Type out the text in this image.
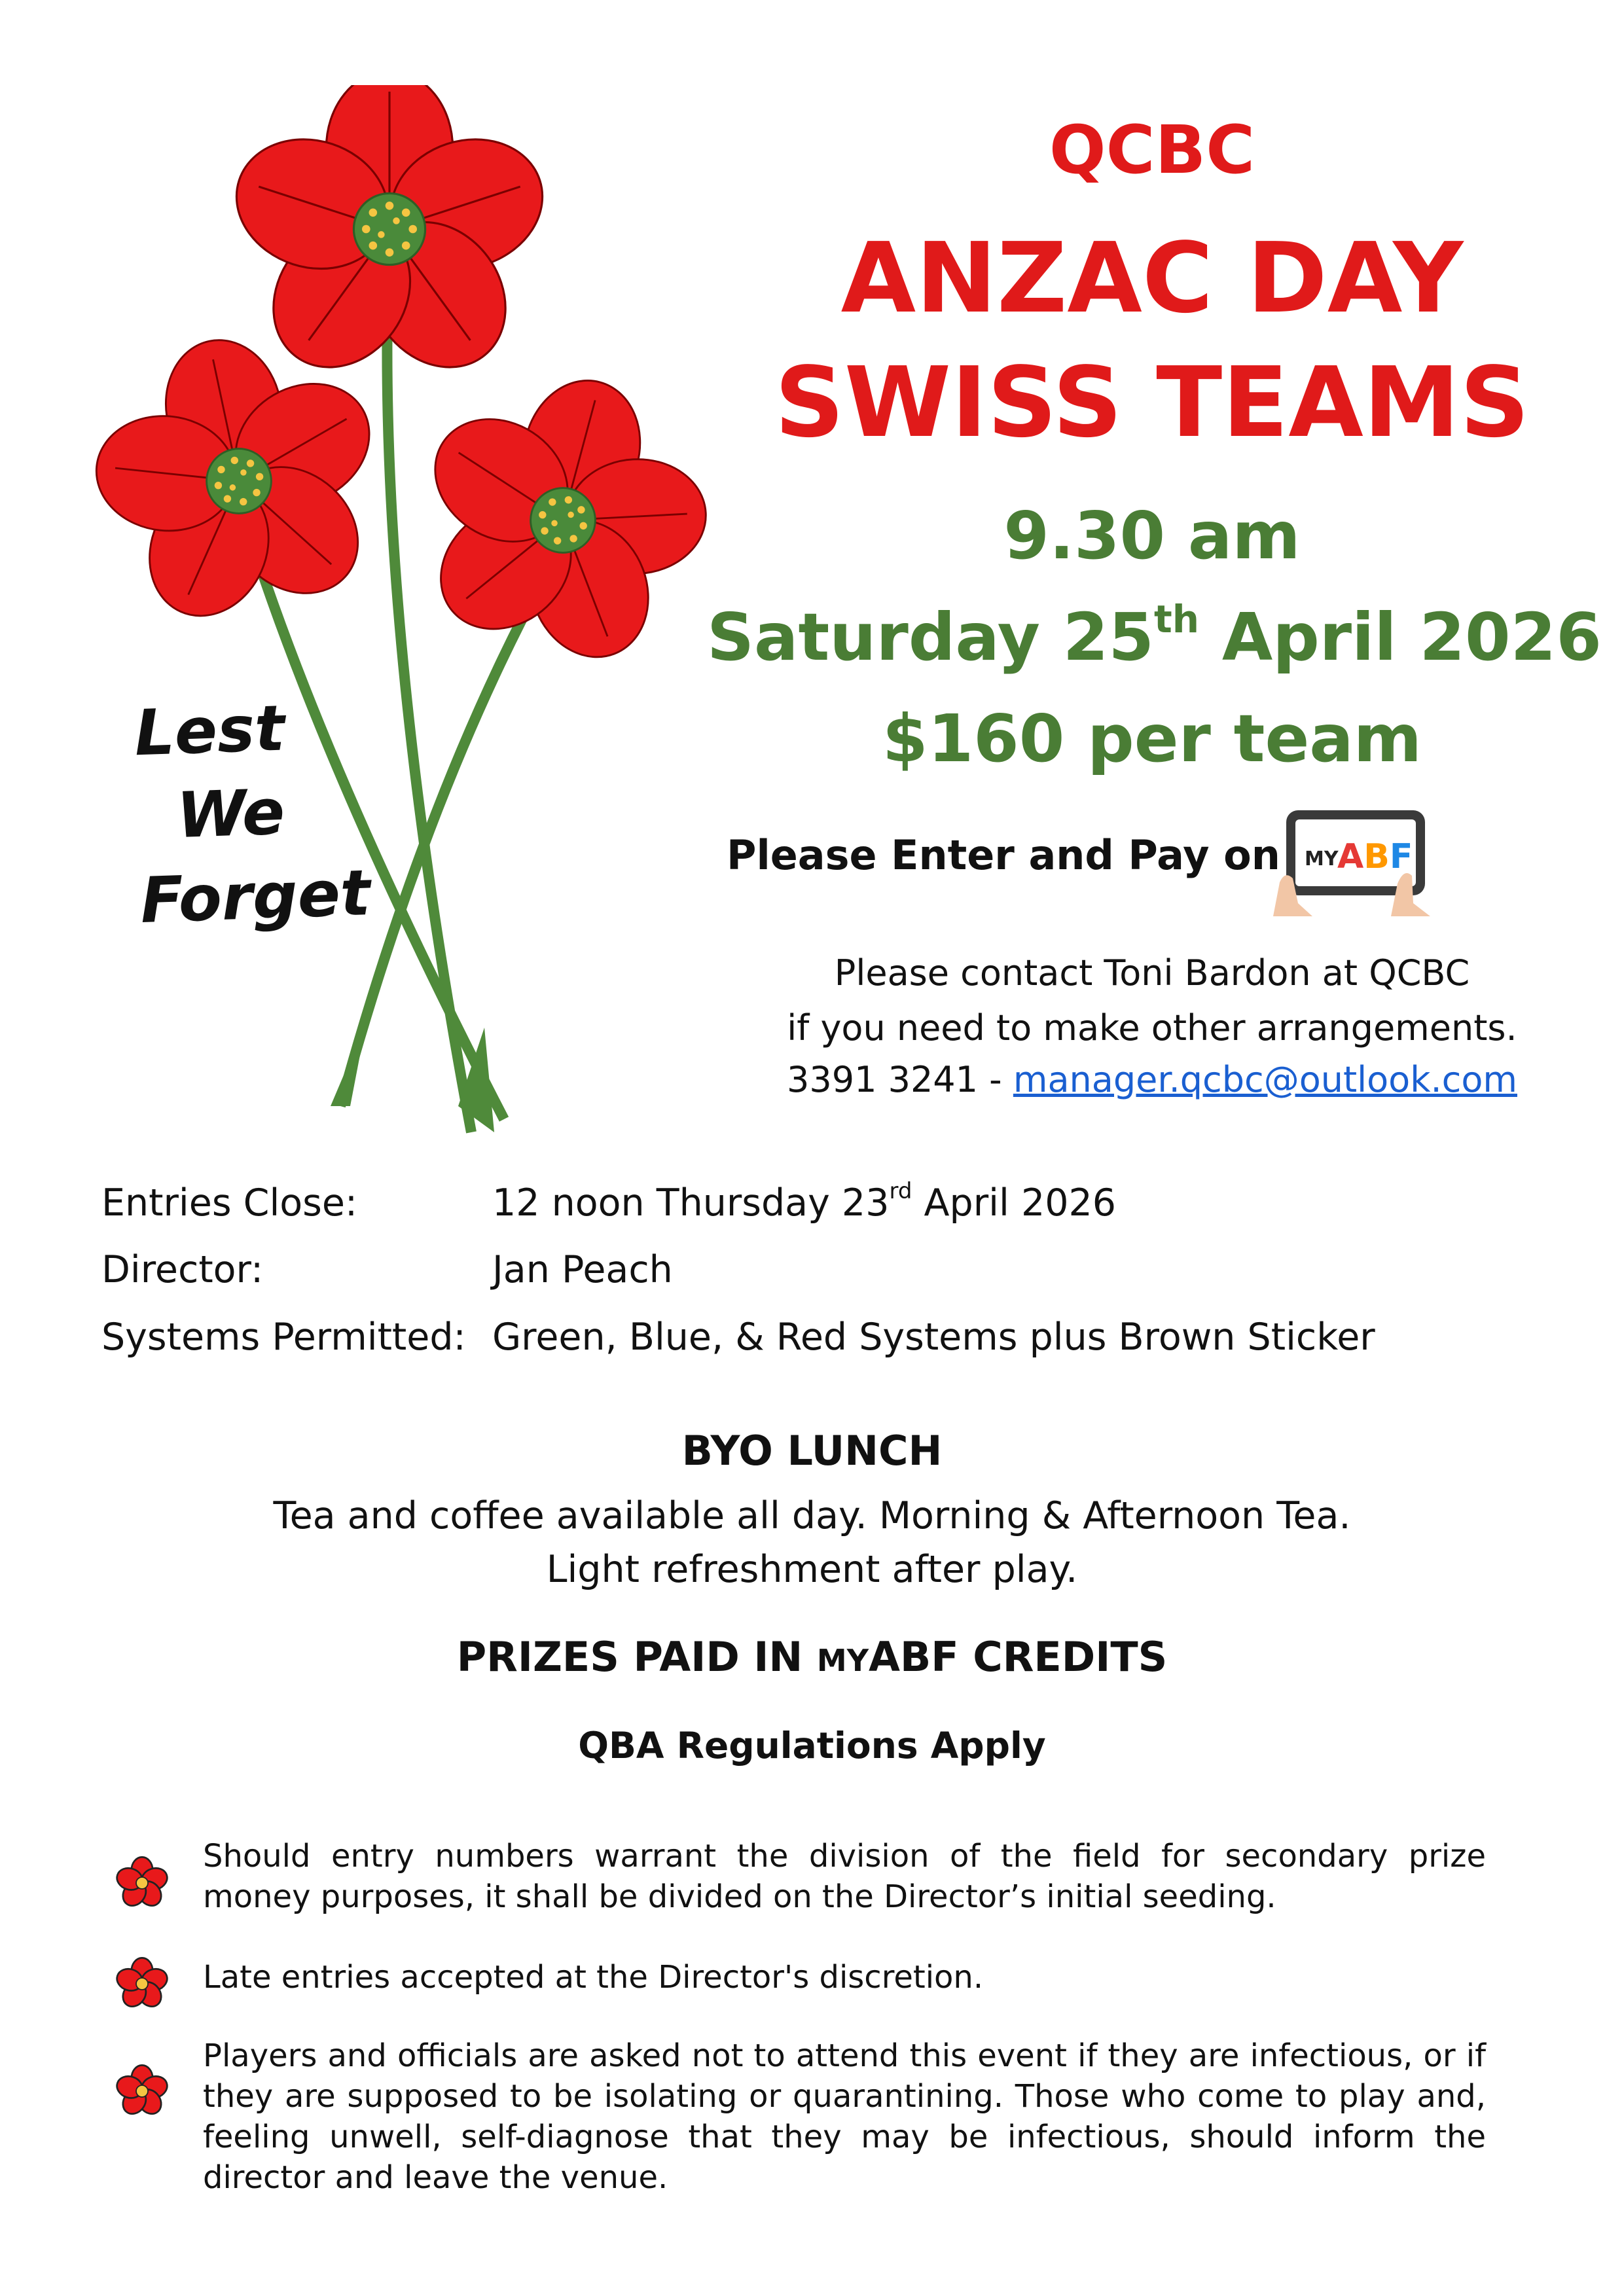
Lest
We
Forget
QCBC
ANZAC DAY
SWISS TEAMS
9.30 am
Saturday 25th April 2026
$160 per team
Please Enter and Pay on MY
ABF
Please contact Toni Bardon at QCBC
if you need to make other arrangements.
3391 3241 - manager.qcbc@outlook.com
Entries Close:	12 noon Thursday 23rd April 2026
Director:	Jan Peach
Systems Permitted: Green, Blue, & Red Systems plus Brown Sticker
BYO LUNCH
Tea and coffee available all day. Morning & Afternoon Tea.
Light refreshment after play.
PRIZES PAID IN MYABF CREDITS
QBA Regulations Apply
Should entry numbers warrant the division of the field for secondary prize money purposes, it shall be divided on the Director’s initial seeding.
Late entries accepted at the Director's discretion.
Players and officials are asked not to attend this event if they are infectious, or if they are supposed to be isolating or quarantining. Those who come to play and, feeling unwell, self-diagnose that they may be infectious, should inform the director and leave the venue.
